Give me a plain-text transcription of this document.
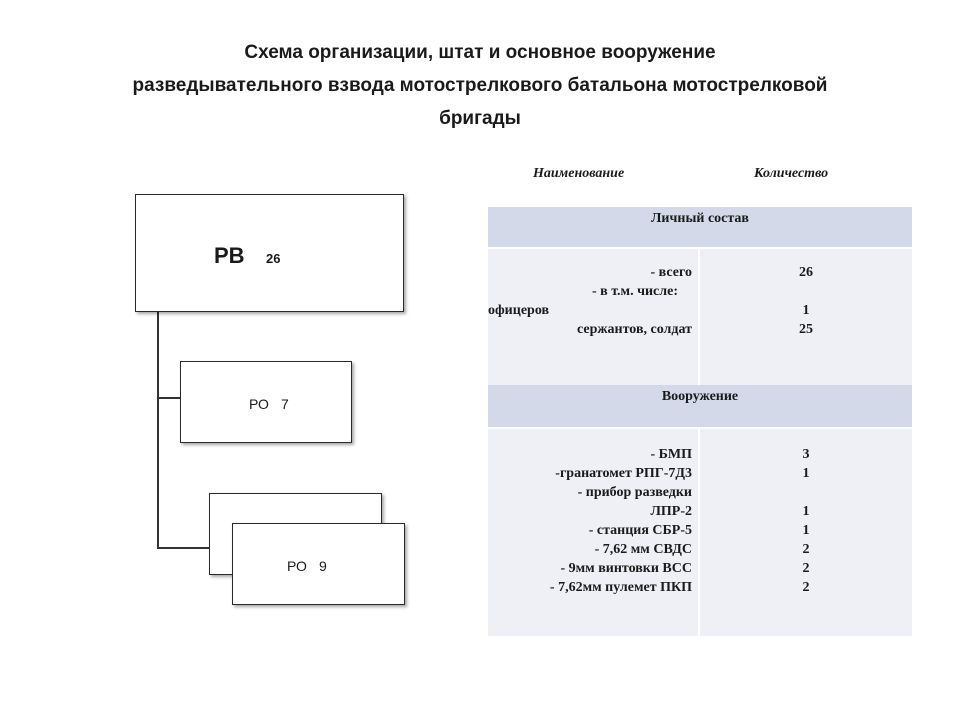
Схема организации, штат и основное вооружение
разведывательного взвода мотострелкового батальона мотострелковой
бригады
РВ 26
РО 7
РО 9
Наименование	Количество
Личный состав
- всего
- в т.м. числе:
офицеров
сержантов, солдат
26
1
25
Вооружение
- БМП
-гранатомет РПГ-7Д3
- прибор разведки
ЛПР-2
- станция СБР-5
- 7,62 мм СВДС
- 9мм винтовки ВСС
- 7,62мм пулемет ПКП
3
1
1
1
2
2
2
